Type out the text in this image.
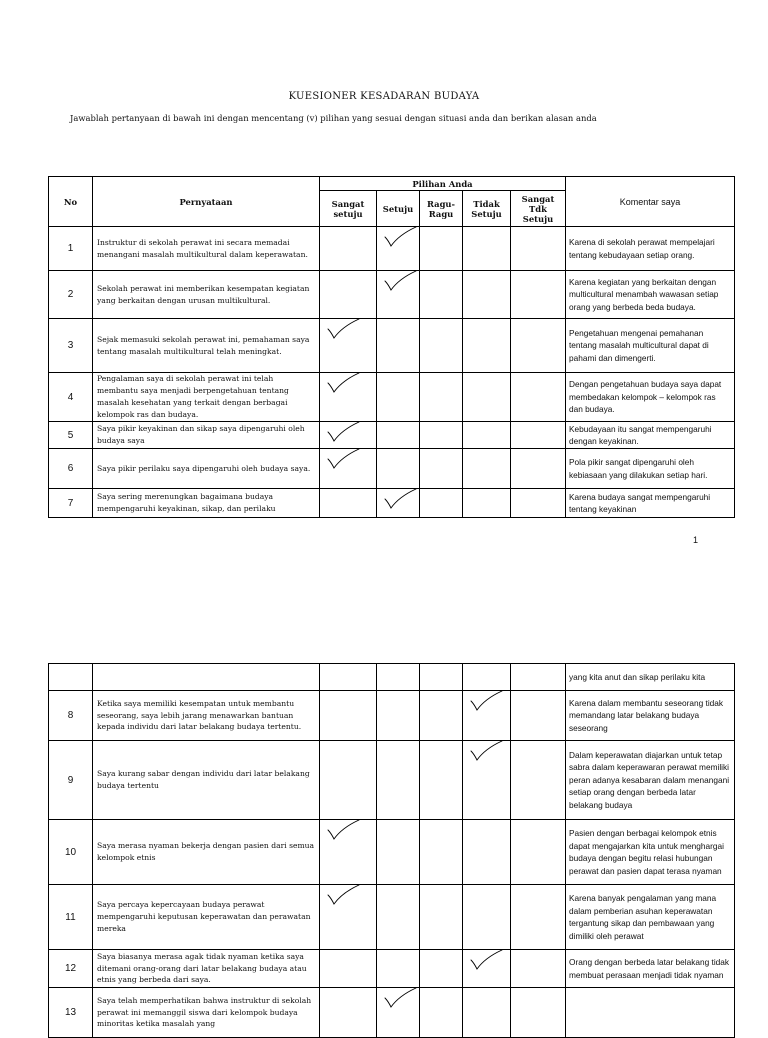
KUESIONER KESADARAN BUDAYA
Jawablah pertanyaan di bawah ini dengan mencentang (v) pilihan yang sesuai dengan situasi anda dan berikan alasan anda
No	Pernyataan	Pilihan Anda					Komentar saya
		Sangat setuju	Setuju	Ragu-Ragu	Tidak Setuju	Sangat Tdk Setuju	
1	Instruktur di sekolah perawat ini secara memadai menangani masalah multikultural dalam keperawatan.						Karena di sekolah perawat mempelajari tentang kebudayaan setiap orang.
2	Sekolah perawat ini memberikan kesempatan kegiatan yang berkaitan dengan urusan multikultural.						Karena kegiatan yang berkaitan dengan multicultural menambah wawasan setiap orang yang berbeda beda budaya.
3	Sejak memasuki sekolah perawat ini, pemahaman saya tentang masalah multikultural telah meningkat.						Pengetahuan mengenai pemahanan tentang masalah multicultural dapat di pahami dan dimengerti.
4	Pengalaman saya di sekolah perawat ini telah membantu saya menjadi berpengetahuan tentang masalah kesehatan yang terkait dengan berbagai kelompok ras dan budaya.						Dengan pengetahuan budaya saya dapat membedakan kelompok – kelompok ras dan budaya.
5	Saya pikir keyakinan dan sikap saya dipengaruhi oleh budaya saya						Kebudayaan itu sangat mempengaruhi dengan keyakinan.
6	Saya pikir perilaku saya dipengaruhi oleh budaya saya.						Pola pikir sangat dipengaruhi oleh kebiasaan yang dilakukan setiap hari.
7	Saya sering merenungkan bagaimana budaya mempengaruhi keyakinan, sikap, dan perilaku						Karena budaya sangat mempengaruhi tentang keyakinan
1
							yang kita anut dan sikap perilaku kita
8	Ketika saya memiliki kesempatan untuk membantu seseorang, saya lebih jarang menawarkan bantuan kepada individu dari latar belakang budaya tertentu.						Karena dalam membantu seseorang tidak memandang latar belakang budaya seseorang
9	Saya kurang sabar dengan individu dari latar belakang budaya tertentu						Dalam keperawatan diajarkan untuk tetap sabra dalam keperawaran perawat memiliki peran adanya kesabaran dalam menangani setiap orang dengan berbeda latar belakang budaya
10	Saya merasa nyaman bekerja dengan pasien dari semua kelompok etnis						Pasien dengan berbagai kelompok etnis dapat mengajarkan kita untuk menghargai budaya dengan begitu relasi hubungan perawat dan pasien dapat terasa nyaman
11	Saya percaya kepercayaan budaya perawat mempengaruhi keputusan keperawatan dan perawatan mereka						Karena banyak pengalaman yang mana dalam pemberian asuhan keperawatan tergantung sikap dan pembawaan yang dimiliki oleh perawat
12	Saya biasanya merasa agak tidak nyaman ketika saya ditemani orang-orang dari latar belakang budaya atau etnis yang berbeda dari saya.						Orang dengan berbeda latar belakang tidak membuat perasaan menjadi tidak nyaman
13	Saya telah memperhatikan bahwa instruktur di sekolah perawat ini memanggil siswa dari kelompok budaya minoritas ketika masalah yang		
